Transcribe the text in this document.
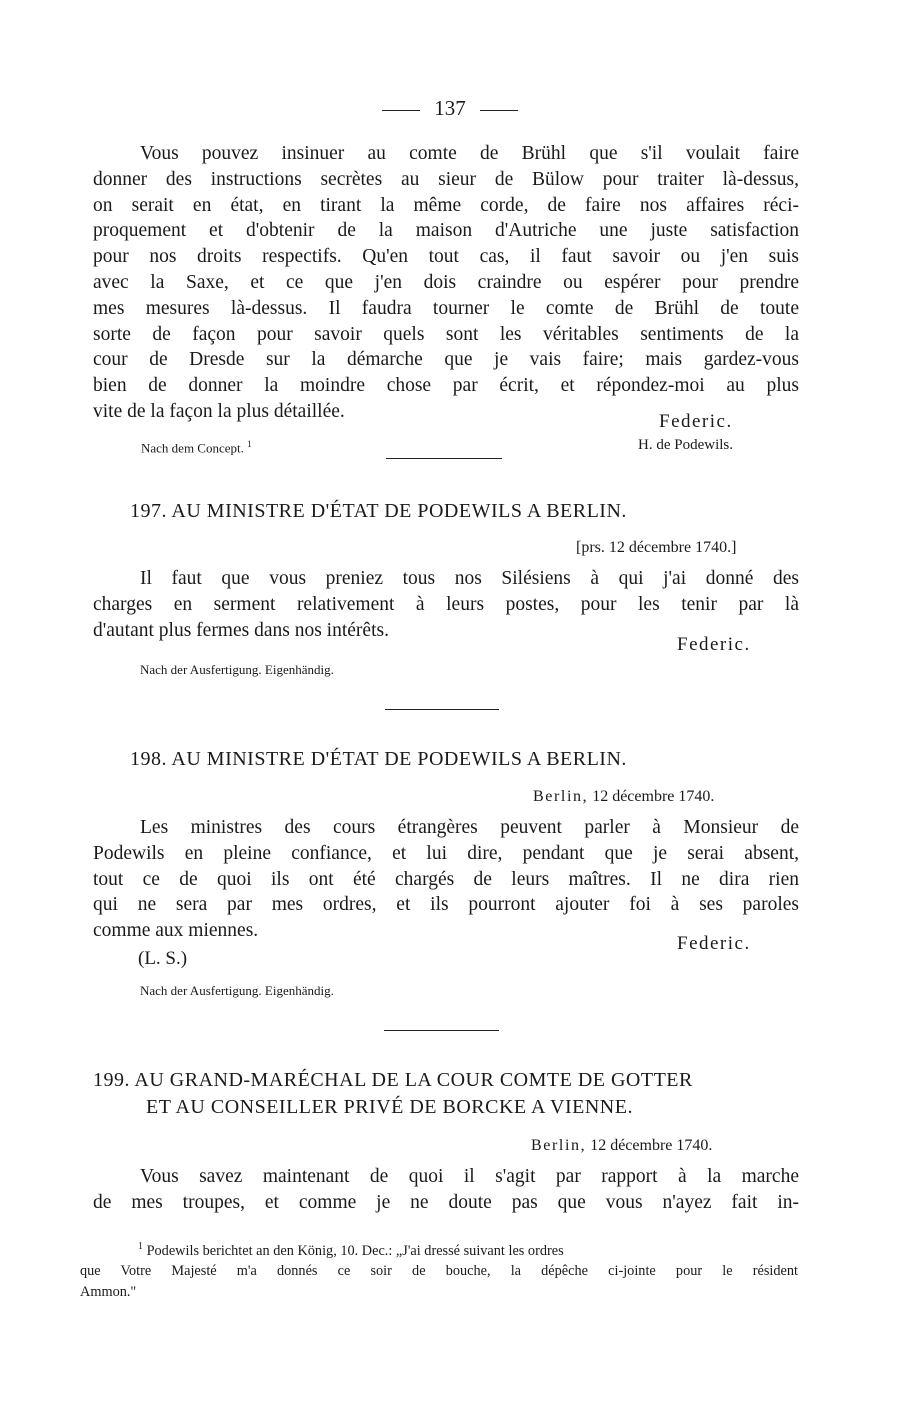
137
Vous pouvez insinuer au comte de Brühl que s'il voulait faire
donner des instructions secrètes au sieur de Bülow pour traiter là-dessus,
on serait en état, en tirant la même corde, de faire nos affaires réci-
proquement et d'obtenir de la maison d'Autriche une juste satisfaction
pour nos droits respectifs. Qu'en tout cas, il faut savoir ou j'en suis
avec la Saxe, et ce que j'en dois craindre ou espérer pour prendre
mes mesures là-dessus. Il faudra tourner le comte de Brühl de toute
sorte de façon pour savoir quels sont les véritables sentiments de la
cour de Dresde sur la démarche que je vais faire; mais gardez-vous
bien de donner la moindre chose par écrit, et répondez-moi au plus
vite de la façon la plus détaillée.	Federic.
Nach dem Concept. $^1$	H. de Podewils.
197. AU MINISTRE D'ÉTAT DE PODEWILS A BERLIN.
[prs. 12 décembre 1740.]
Il faut que vous preniez tous nos Silésiens à qui j'ai donné des
charges en serment relativement à leurs postes, pour les tenir par là
d'autant plus fermes dans nos intérêts.
Federic.
Nach der Ausfertigung. Eigenhändig.
198. AU MINISTRE D'ÉTAT DE PODEWILS A BERLIN.
Berlin, 12 décembre 1740.
Les ministres des cours étrangères peuvent parler à Monsieur de
Podewils en pleine confiance, et lui dire, pendant que je serai absent,
tout ce de quoi ils ont été chargés de leurs maîtres. Il ne dira rien
qui ne sera par mes ordres, et ils pourront ajouter foi à ses paroles
comme aux miennes.
Federic.
(L. S.)
Nach der Ausfertigung. Eigenhändig.
199. AU GRAND-MARÉCHAL DE LA COUR COMTE DE GOTTER
ET AU CONSEILLER PRIVÉ DE BORCKE A VIENNE.
Berlin, 12 décembre 1740.
Vous savez maintenant de quoi il s'agit par rapport à la marche
de mes troupes, et comme je ne doute pas que vous n'ayez fait in-
$^1$ Podewils berichtet an den König, 10. Dec.: „J'ai dressé suivant les ordres
que Votre Majesté m'a donnés ce soir de bouche, la dépêche ci-jointe pour le résident
Ammon."
